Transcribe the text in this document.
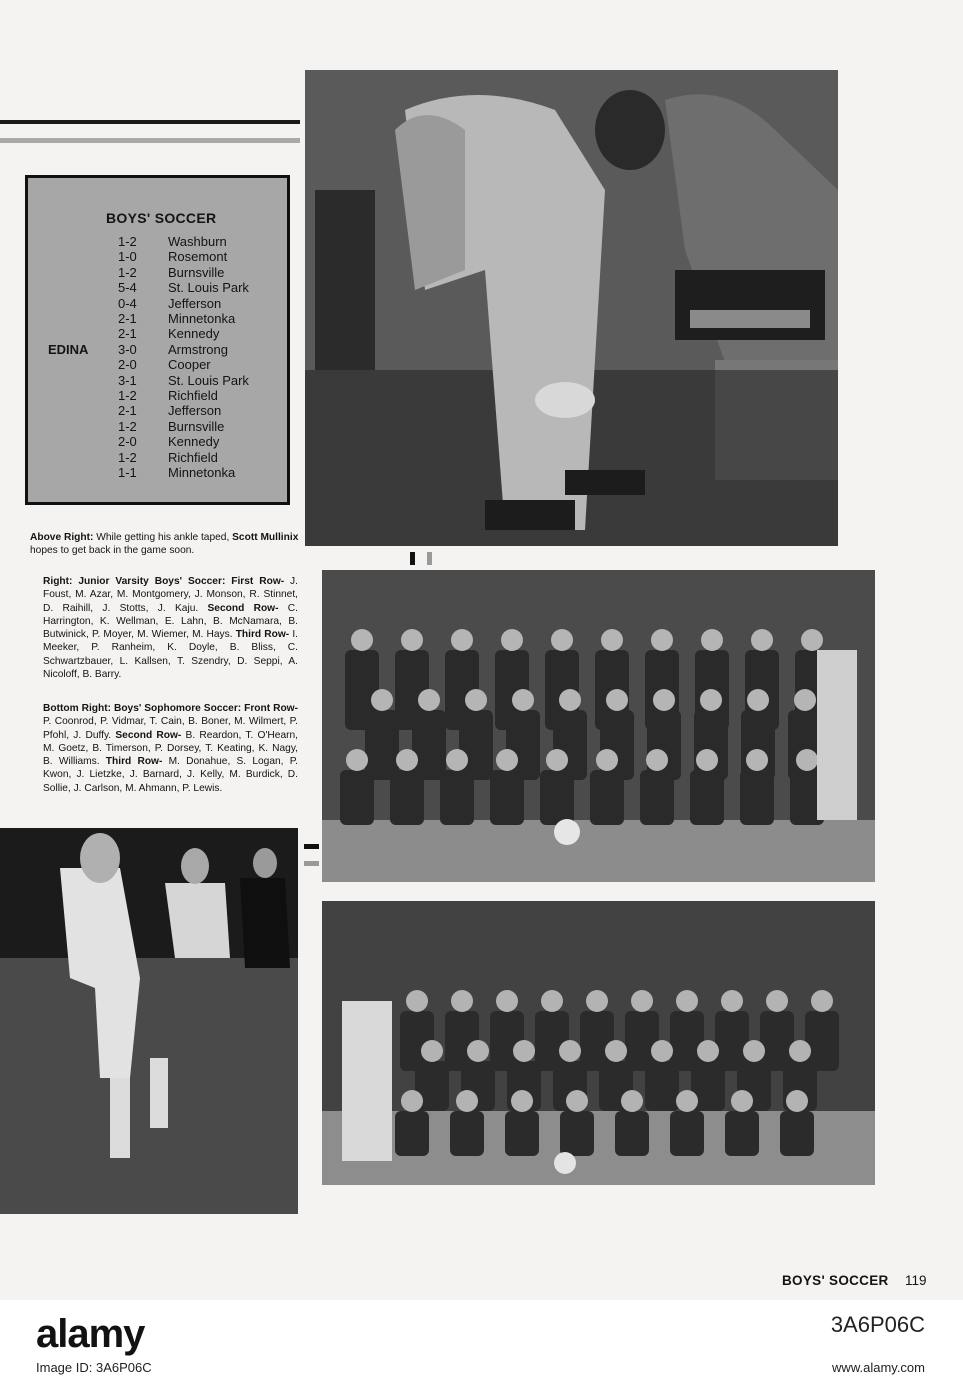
BOYS' SOCCER
EDINA
1-2	Washburn
1-0	Rosemont
1-2	Burnsville
5-4	St. Louis Park
0-4	Jefferson
2-1	Minnetonka
2-1	Kennedy
3-0	Armstrong
2-0	Cooper
3-1	St. Louis Park
1-2	Richfield
2-1	Jefferson
1-2	Burnsville
2-0	Kennedy
1-2	Richfield
1-1	Minnetonka
Above Right: While getting his ankle taped, Scott Mullinix hopes to get back in the game soon.
Right: Junior Varsity Boys' Soccer: First Row- J. Foust, M. Azar, M. Montgomery, J. Monson, R. Stinnet, D. Raihill, J. Stotts, J. Kaju. Second Row- C. Harrington, K. Wellman, E. Lahn, B. McNamara, B. Butwinick, P. Moyer, M. Wiemer, M. Hays. Third Row- I. Meeker, P. Ranheim, K. Doyle, B. Bliss, C. Schwartzbauer, L. Kallsen, T. Szendry, D. Seppi, A. Nicoloff, B. Barry.
Bottom Right: Boys' Sophomore Soccer: Front Row- P. Coonrod, P. Vidmar, T. Cain, B. Boner, M. Wilmert, P. Pfohl, J. Duffy. Second Row- B. Reardon, T. O'Hearn, M. Goetz, B. Timerson, P. Dorsey, T. Keating, K. Nagy, B. Williams. Third Row- M. Donahue, S. Logan, P. Kwon, J. Lietzke, J. Barnard, J. Kelly, M. Burdick, D. Sollie, J. Carlson, M. Ahmann, P. Lewis.
BOYS' SOCCER 119
alamy
Image ID: 3A6P06C
3A6P06C
www.alamy.com
